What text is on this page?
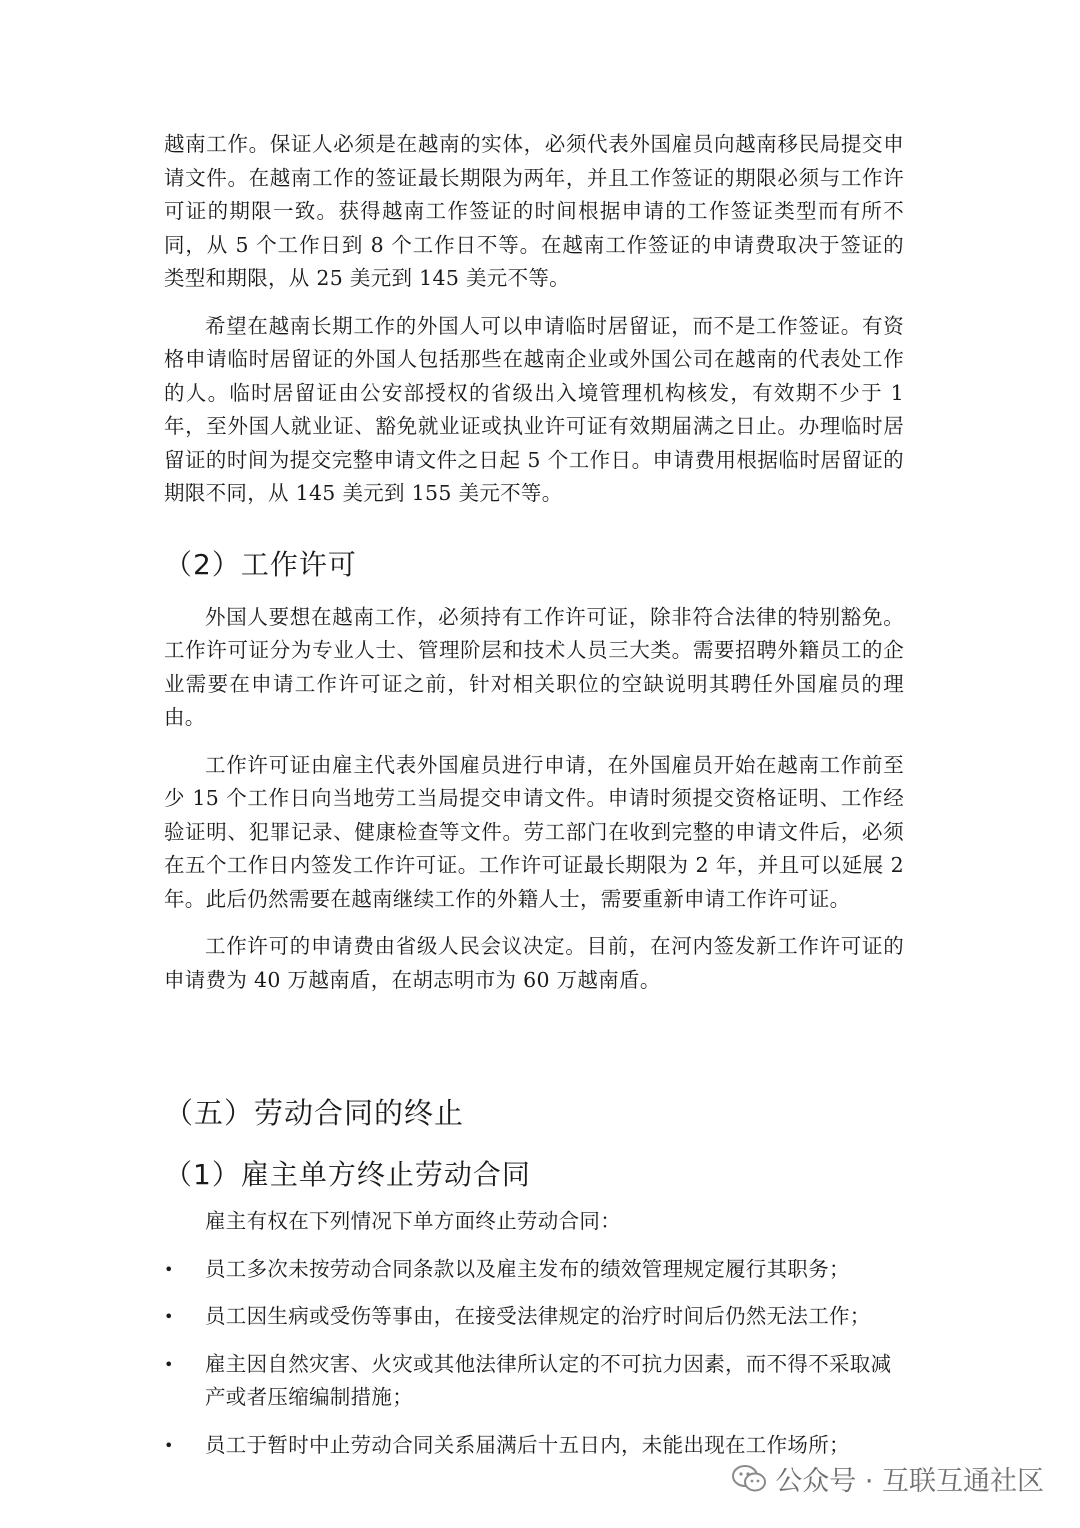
越南工作。保证人必须是在越南的实体，必须代表外国雇员向越南移民局提交申请文件。在越南工作的签证最长期限为两年，并且工作签证的期限必须与工作许可证的期限一致。获得越南工作签证的时间根据申请的工作签证类型而有所不同，从 5 个工作日到 8 个工作日不等。在越南工作签证的申请费取决于签证的类型和期限，从 25 美元到 145 美元不等。

希望在越南长期工作的外国人可以申请临时居留证，而不是工作签证。有资格申请临时居留证的外国人包括那些在越南企业或外国公司在越南的代表处工作的人。临时居留证由公安部授权的省级出入境管理机构核发，有效期不少于 1 年，至外国人就业证、豁免就业证或执业许可证有效期届满之日止。办理临时居留证的时间为提交完整申请文件之日起 5 个工作日。申请费用根据临时居留证的期限不同，从 145 美元到 155 美元不等。

（2）工作许可

外国人要想在越南工作，必须持有工作许可证，除非符合法律的特别豁免。工作许可证分为专业人士、管理阶层和技术人员三大类。需要招聘外籍员工的企业需要在申请工作许可证之前，针对相关职位的空缺说明其聘任外国雇员的理由。

工作许可证由雇主代表外国雇员进行申请，在外国雇员开始在越南工作前至少 15 个工作日向当地劳工当局提交申请文件。申请时须提交资格证明、工作经验证明、犯罪记录、健康检查等文件。劳工部门在收到完整的申请文件后，必须在五个工作日内签发工作许可证。工作许可证最长期限为 2 年，并且可以延展 2 年。此后仍然需要在越南继续工作的外籍人士，需要重新申请工作许可证。

工作许可的申请费由省级人民会议决定。目前，在河内签发新工作许可证的申请费为 40 万越南盾，在胡志明市为 60 万越南盾。

（五）劳动合同的终止
（1）雇主单方终止劳动合同

雇主有权在下列情况下单方面终止劳动合同：

• 员工多次未按劳动合同条款以及雇主发布的绩效管理规定履行其职务；
• 员工因生病或受伤等事由，在接受法律规定的治疗时间后仍然无法工作；
• 雇主因自然灾害、火灾或其他法律所认定的不可抗力因素，而不得不采取减产或者压缩编制措施；
• 员工于暂时中止劳动合同关系届满后十五日内，未能出现在工作场所；
公众号 · 互联互通社区
